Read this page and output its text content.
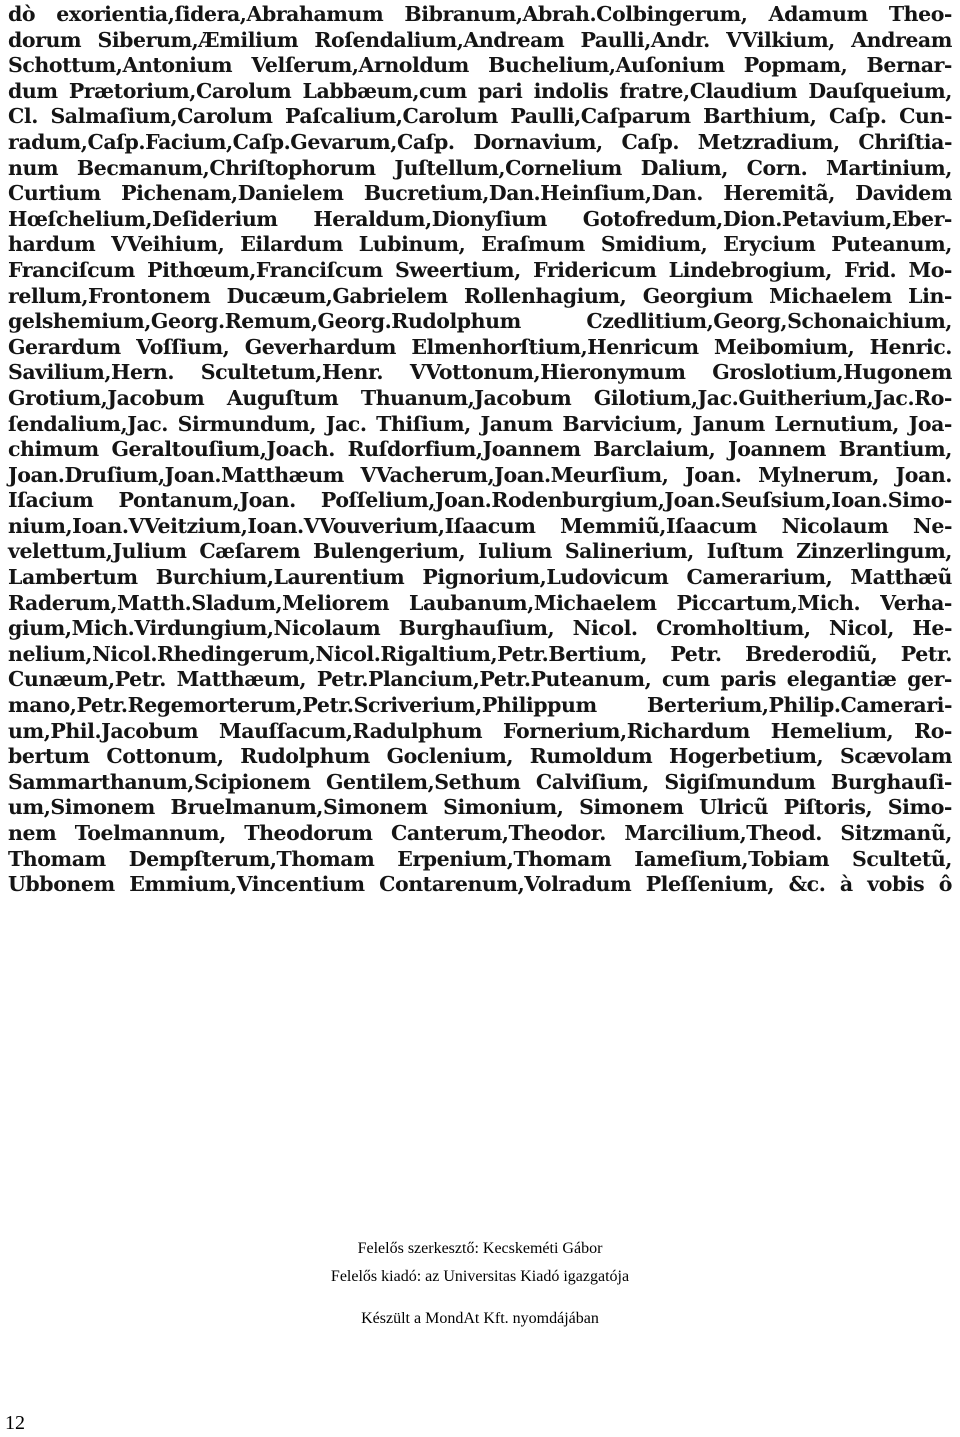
dò exorientia,ſidera,Abrahamum Bibranum,Abrah.Colbingerum, Adamum Theo-
dorum Siberum,Æmilium Roſendalium,Andream Paulli,Andr. VVilkium, Andream
Schottum,Antonium Velſerum,Arnoldum Buchelium,Auſonium Popmam, Bernar-
dum Prætorium,Carolum Labbæum,cum pari indolis fratre,Claudium Dauſqueium,
Cl. Salmaſium,Carolum Paſcalium,Carolum Paulli,Caſparum Barthium, Caſp. Cun-
radum,Caſp.Facium,Caſp.Gevarum,Caſp. Dornavium, Caſp. Metzradium, Chriſtia-
num Becmanum,Chriſtophorum Juſtellum,Cornelium Dalium, Corn. Martinium,
Curtium Pichenam,Danielem Bucretium,Dan.Heinſium,Dan. Heremitã, Davidem
Hœſchelium,Deſiderium Heraldum,Dionyſium Gotofredum,Dion.Petavium,Eber-
hardum VVeihium, Eilardum Lubinum, Eraſmum Smidium, Erycium Puteanum,
Franciſcum Pithœum,Franciſcum Sweertium, Fridericum Lindebrogium, Frid. Mo-
rellum,Frontonem Ducæum,Gabrielem Rollenhagium, Georgium Michaelem Lin-
gelshemium,Georg.Remum,Georg.Rudolphum Czedlitium,Georg,Schonaichium,
Gerardum Voſſium, Geverhardum Elmenhorſtium,Henricum Meibomium, Henric.
Savilium,Hern. Scultetum,Henr. VVottonum,Hieronymum Groslotium,Hugonem
Grotium,Jacobum Auguſtum Thuanum,Jacobum Gilotium,Jac.Guitherium,Jac.Ro-
ſendalium,Jac. Sirmundum, Jac. Thiſium, Janum Barvicium, Janum Lernutium, Joa-
chimum Geraltouſium,Joach. Ruſdorfium,Joannem Barclaium, Joannem Brantium,
Joan.Druſium,Joan.Matthæum VVacherum,Joan.Meurſium, Joan. Mylnerum, Joan.
Iſacium Pontanum,Joan. Poſſelium,Joan.Rodenburgium,Joan.Seuſsium,Ioan.Simo-
nium,Ioan.VVeitzium,Ioan.VVouverium,Iſaacum Memmiũ,Iſaacum Nicolaum Ne-
velettum,Julium Cæſarem Bulengerium, Iulium Salinerium, Iuſtum Zinzerlingum,
Lambertum Burchium,Laurentium Pignorium,Ludovicum Camerarium, Matthæũ
Raderum,Matth.Sladum,Meliorem Laubanum,Michaelem Piccartum,Mich. Verha-
gium,Mich.Virdungium,Nicolaum Burghauſium, Nicol. Cromholtium, Nicol, He-
nelium,Nicol.Rhedingerum,Nicol.Rigaltium,Petr.Bertium, Petr. Brederodiũ, Petr.
Cunæum,Petr. Matthæum, Petr.Plancium,Petr.Puteanum, cum paris elegantiæ ger-
mano,Petr.Regemorterum,Petr.Scriverium,Philippum Berterium,Philip.Camerari-
um,Phil.Jacobum Mauſſacum,Radulphum Fornerium,Richardum Hemelium, Ro-
bertum Cottonum, Rudolphum Goclenium, Rumoldum Hogerbetium, Scævolam
Sammarthanum,Scipionem Gentilem,Sethum Calviſium, Sigiſmundum Burghauſi-
um,Simonem Bruelmanum,Simonem Simonium, Simonem Ulricũ Piſtoris, Simo-
nem Toelmannum, Theodorum Canterum,Theodor. Marcilium,Theod. Sitzmanũ,
Thomam Dempſterum,Thomam Erpenium,Thomam Iameſium,Tobiam Scultetũ,
Ubbonem Emmium,Vincentium Contarenum,Volradum Pleſſenium, &c. à vobis ô
Felelős szerkesztő: Kecskeméti Gábor
Felelős kiadó: az Universitas Kiadó igazgatója
Készült a MondAt Kft. nyomdájában
12
